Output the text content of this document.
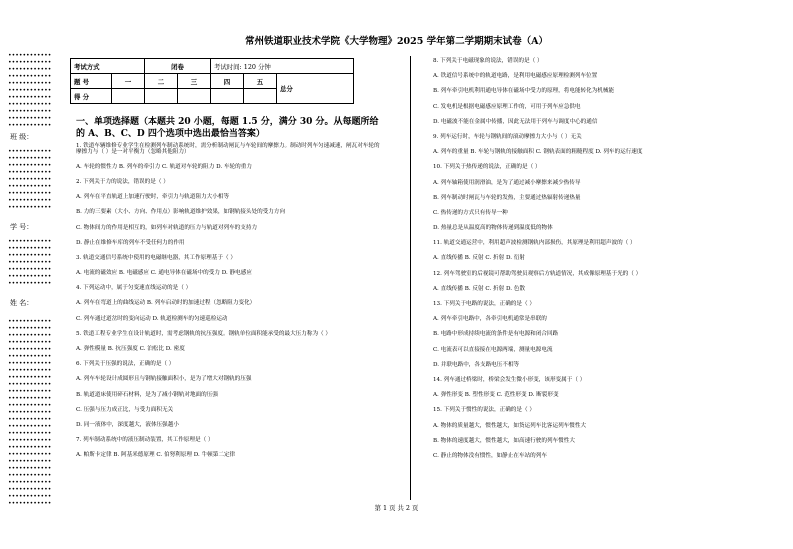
常州铁道职业技术学院《大学物理》2025 学年第二学期期末试卷（A）
••••••••••••
••••••••••••
••••••••••••
••••••••••••
••••••••••••
••••••••••••
••••••••••••
••••••••••••
••••••••••••
••••••••••••
••••••••••••
班 级：
••••••••••••
••••••••••••
••••••••••••
••••••••••••
••••••••••••
••••••••••••
••••••••••••
••••••••••••
••••••••••••
学 号：
••••••••••••
••••••••••••
••••••••••••
••••••••••••
••••••••••••
••••••••••••
••••••••••••
姓 名：
••••••••••••
••••••••••••
••••••••••••
••••••••••••
••••••••••••
••••••••••••
••••••••••••
••••••••••••
••••••••••••
••••••••••••
••••••••••••
••••••••••••
••••••••••••
••••••••••••
••••••••••••
••••••••••••
••••••••••••
••••••••••••
••••••••••••
••••••••••••
••••••••••••
••••••••••••
••••••••••••
••••••••••••
••••••••••••
••••••••••••
••••••••••••
考试方式		闭卷		考试时间: 120 分钟		
题 号	一	二	三	四	五	总分
得 分						
一、单项选择题（本题共 20 小题，每题 1.5 分，满分 30 分。从每题所给的 A、B、C、D 四个选项中选出最恰当答案）
1. 铁道车辆维修专业学生在检测列车制动系统时，需分析制动闸瓦与车轮间的摩擦力。制动时列车匀速减速，闸瓦对车轮的摩擦力与（ ）是一对平衡力（忽略其他阻力）
A. 车轮的惯性力 B. 列车的牵引力 C. 轨道对车轮的阻力 D. 车轮的重力
2. 下列关于力的说法，错误的是（ ）
A. 列车在平直轨道上加速行驶时，牵引力与轨道阻力大小相等
B. 力的三要素（大小、方向、作用点）影响轨道维护效果，如钢轨接头处的受力方向
C. 物体间力的作用是相互的，如列车对轨道的压力与轨道对列车的支持力
D. 静止在维修车库的列车不受任何力的作用
3. 轨道交通信号系统中使用的电磁继电器，其工作原理基于（ ）
A. 电流的磁效应 B. 电磁感应 C. 通电导体在磁场中的受力 D. 静电感应
4. 下列运动中，属于匀变速直线运动的是（ ）
A. 列车在弯道上的曲线运动 B. 列车启动时的加速过程（忽略阻力变化）
C. 列车通过道岔时的变向运动 D. 轨道检测车的匀速巡检运动
5. 铁道工程专业学生在设计轨道时，需考虑钢轨的抗压强度。钢轨单位面积能承受的最大压力称为（ ）
A. 弹性模量 B. 抗压强度 C. 泊松比 D. 密度
6. 下列关于压强的说法，正确的是（ ）
A. 列车车轮设计成圆形且与钢轨接触面积小，是为了增大对钢轨的压强
B. 轨道道床使用碎石材料，是为了减小钢轨对地面的压强
C. 压强与压力成正比，与受力面积无关
D. 同一液体中，深度越大，液体压强越小
7. 列车制动系统中的液压制动装置，其工作原理是（ ）
A. 帕斯卡定律 B. 阿基米德原理 C. 伯努利原理 D. 牛顿第二定律
8. 下列关于电磁现象的说法，错误的是（ ）
A. 铁道信号系统中的轨道电路，是利用电磁感应原理检测列车位置
B. 列车牵引电机利用通电导体在磁场中受力的原理，将电能转化为机械能
C. 发电机是根据电磁感应原理工作的，可用于列车应急供电
D. 电磁波不能在金属中传播，因此无法用于列车与调度中心的通信
9. 列车运行时，车轮与钢轨间的滚动摩擦力大小与（ ）无关
A. 列车的重量 B. 车轮与钢轨的接触面积 C. 钢轨表面的粗糙程度 D. 列车的运行速度
10. 下列关于热传递的说法，正确的是（ ）
A. 列车轴箱使用润滑油，是为了通过减小摩擦来减少热传导
B. 列车制动时闸瓦与车轮的发热，主要通过热辐射传递热量
C. 热传递的方式只有传导一种
D. 热量总是从温度高的物体传递到温度低的物体
11. 轨道交通运营中，利用超声波检测钢轨内部损伤，其原理是利用超声波的（ ）
A. 直线传播 B. 反射 C. 折射 D. 衍射
12. 列车驾驶室的后视镜可帮助驾驶员观察后方轨道情况，其成像原理基于光的（ ）
A. 直线传播 B. 反射 C. 折射 D. 色散
13. 下列关于电路的说法，正确的是（ ）
A. 列车牵引电路中，各牵引电机通常是串联的
B. 电路中形成持续电流的条件是有电源和闭合回路
C. 电流表可以直接接在电源两端，测量电源电流
D. 并联电路中，各支路电压不相等
14. 列车通过桥梁时，桥梁会发生微小形变，该形变属于（ ）
A. 弹性形变 B. 塑性形变 C. 范性形变 D. 断裂形变
15. 下列关于惯性的说法，正确的是（ ）
A. 物体的质量越大，惯性越大，如货运列车比客运列车惯性大
B. 物体的速度越大，惯性越大，如高速行驶的列车惯性大
C. 静止的物体没有惯性，如静止在车站的列车
第 1 页 共 2 页
